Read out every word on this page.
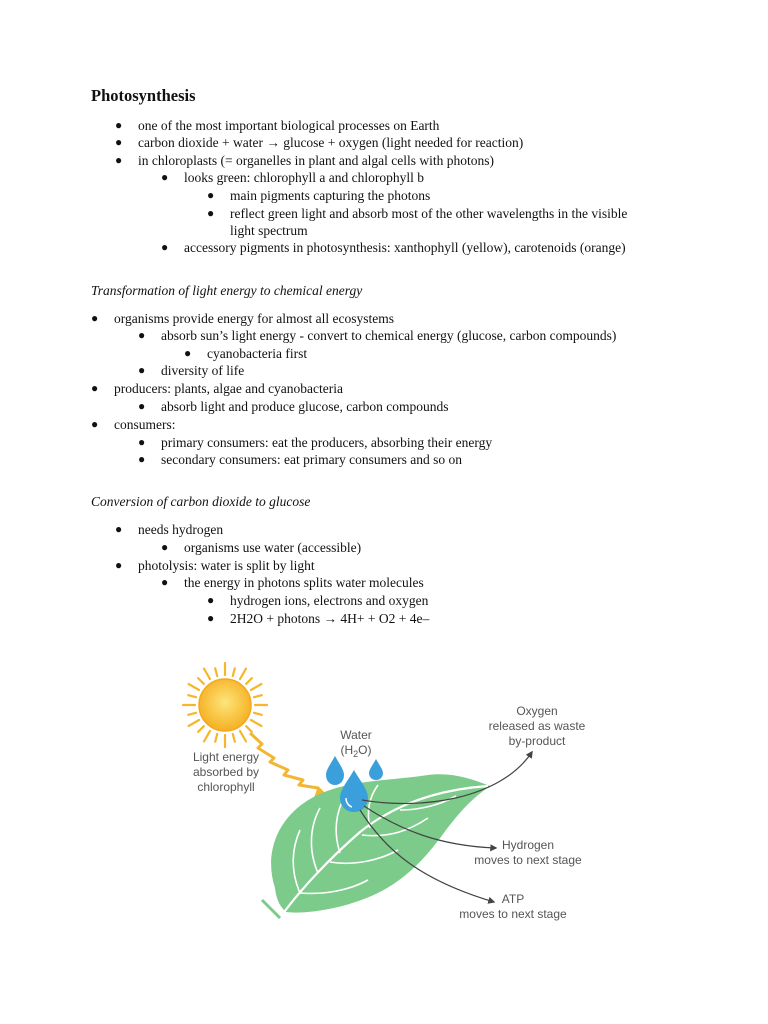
Photosynthesis
● one of the most important biological processes on Earth
● carbon dioxide + water → glucose + oxygen (light needed for reaction)
● in chloroplasts (= organelles in plant and algal cells with photons)
● looks green: chlorophyll a and chlorophyll b
● main pigments capturing the photons
● reflect green light and absorb most of the other wavelengths in the visible
light spectrum
● accessory pigments in photosynthesis: xanthophyll (yellow), carotenoids (orange)
Transformation of light energy to chemical energy
● organisms provide energy for almost all ecosystems
● absorb sun’s light energy - convert to chemical energy (glucose, carbon compounds)
● cyanobacteria first
● diversity of life
● producers: plants, algae and cyanobacteria
● absorb light and produce glucose, carbon compounds
● consumers:
● primary consumers: eat the producers, absorbing their energy
● secondary consumers: eat primary consumers and so on
Conversion of carbon dioxide to glucose
● needs hydrogen
● organisms use water (accessible)
● photolysis: water is split by light
● the energy in photons splits water molecules
● hydrogen ions, electrons and oxygen
● 2H2O + photons → 4H+ + O2 + 4e–
Light energy
absorbed by
chlorophyll
Water
$(H_2O)$
Oxygen
released as waste
by-product
Hydrogen
moves to next stage
ATP
moves to next stage
